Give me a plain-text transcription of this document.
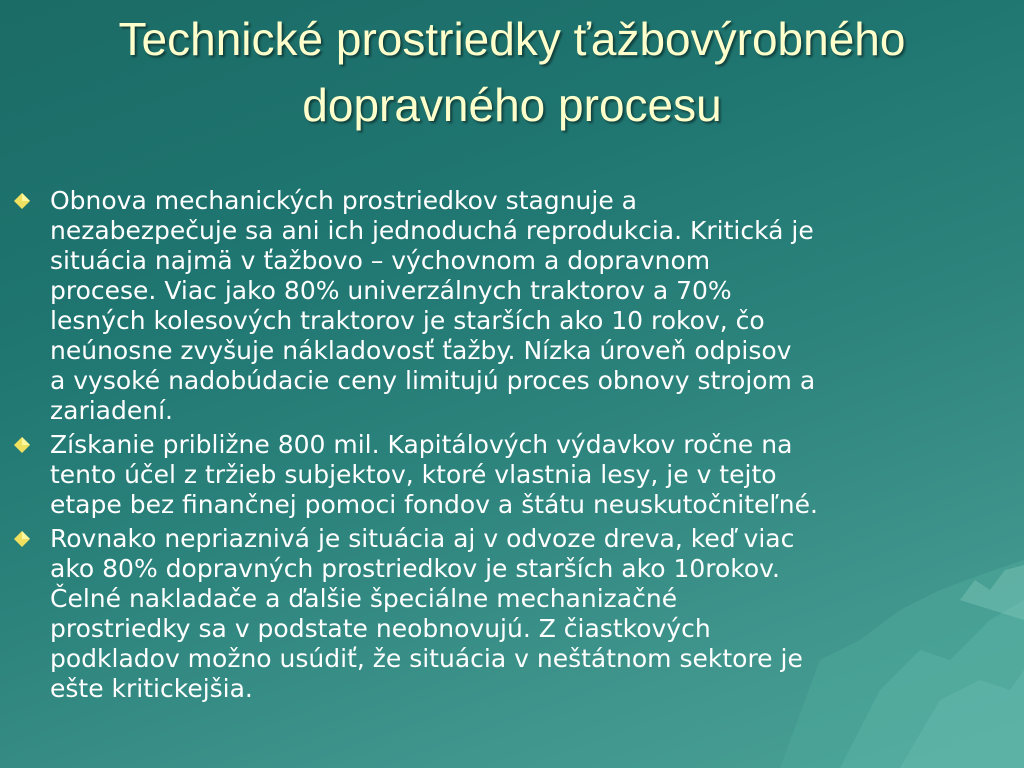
Technické prostriedky ťažbovýrobného
dopravného procesu
Obnova mechanických prostriedkov stagnuje a
nezabezpečuje sa ani ich jednoduchá reprodukcia. Kritická je
situácia najmä v ťažbovo – výchovnom a dopravnom
procese. Viac jako 80% univerzálnych traktorov a 70%
lesných kolesových traktorov je starších ako 10 rokov, čo
neúnosne zvyšuje nákladovosť ťažby. Nízka úroveň odpisov
a vysoké nadobúdacie ceny limitujú proces obnovy strojom a
zariadení.
Získanie približne 800 mil. Kapitálových výdavkov ročne na
tento účel z tržieb subjektov, ktoré vlastnia lesy, je v tejto
etape bez finančnej pomoci fondov a štátu neuskutočniteľné.
Rovnako nepriaznivá je situácia aj v odvoze dreva, keď viac
ako 80% dopravných prostriedkov je starších ako 10rokov.
Čelné nakladače a ďalšie špeciálne mechanizačné
prostriedky sa v podstate neobnovujú. Z čiastkových
podkladov možno usúdiť, že situácia v neštátnom sektore je
ešte kritickejšia.
